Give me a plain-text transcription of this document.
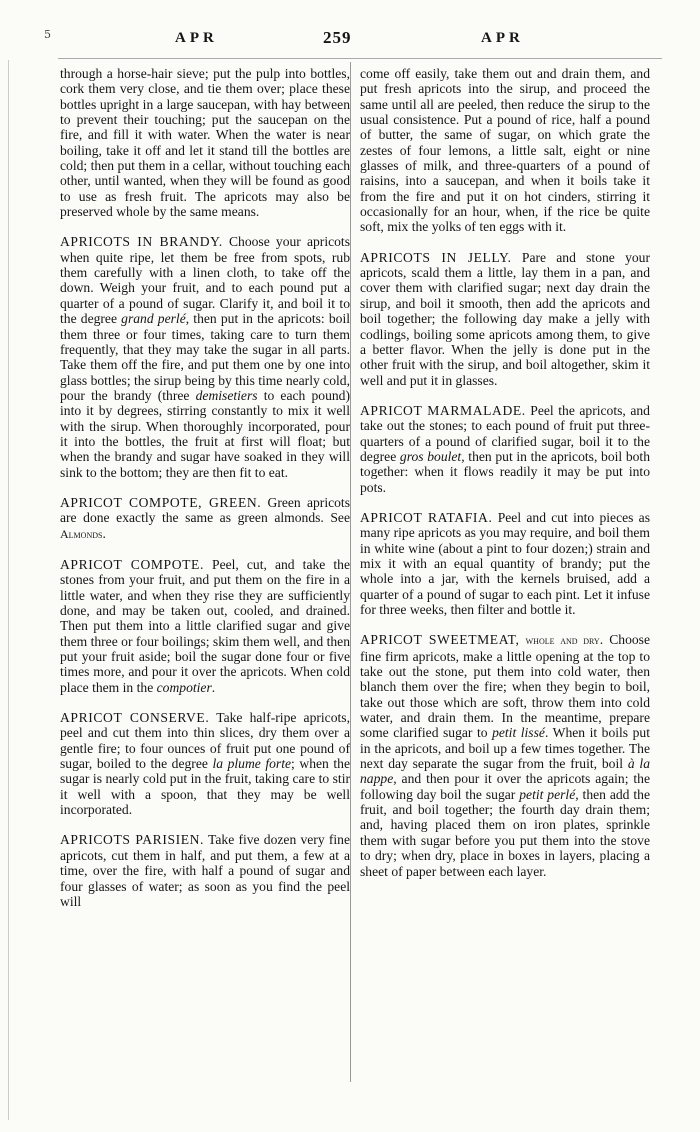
5	APR	259	APR

through a horse-hair sieve; put the pulp into bottles, cork them very close, and tie them over; place these bottles upright in a large saucepan, with hay between to prevent their touching; put the saucepan on the fire, and fill it with water. When the water is near boiling, take it off and let it stand till the bottles are cold; then put them in a cellar, without touching each other, until wanted, when they will be found as good to use as fresh fruit. The apricots may also be preserved whole by the same means.

APRICOTS IN BRANDY. Choose your apricots when quite ripe, let them be free from spots, rub them carefully with a linen cloth, to take off the down. Weigh your fruit, and to each pound put a quarter of a pound of sugar. Clarify it, and boil it to the degree grand perlé, then put in the apricots: boil them three or four times, taking care to turn them frequently, that they may take the sugar in all parts. Take them off the fire, and put them one by one into glass bottles; the sirup being by this time nearly cold, pour the brandy (three demisetiers to each pound) into it by degrees, stirring constantly to mix it well with the sirup. When thoroughly incorporated, pour it into the bottles, the fruit at first will float; but when the brandy and sugar have soaked in they will sink to the bottom; they are then fit to eat.

APRICOT COMPOTE, GREEN. Green apricots are done exactly the same as green almonds. See Almonds.

APRICOT COMPOTE. Peel, cut, and take the stones from your fruit, and put them on the fire in a little water, and when they rise they are sufficiently done, and may be taken out, cooled, and drained. Then put them into a little clarified sugar and give them three or four boilings; skim them well, and then put your fruit aside; boil the sugar done four or five times more, and pour it over the apricots. When cold place them in the compotier.

APRICOT CONSERVE. Take half-ripe apricots, peel and cut them into thin slices, dry them over a gentle fire; to four ounces of fruit put one pound of sugar, boiled to the degree la plume forte; when the sugar is nearly cold put in the fruit, taking care to stir it well with a spoon, that they may be well incorporated.

APRICOTS PARISIEN. Take five dozen very fine apricots, cut them in half, and put them, a few at a time, over the fire, with half a pound of sugar and four glasses of water; as soon as you find the peel will

come off easily, take them out and drain them, and put fresh apricots into the sirup, and proceed the same until all are peeled, then reduce the sirup to the usual consistence. Put a pound of rice, half a pound of butter, the same of sugar, on which grate the zestes of four lemons, a little salt, eight or nine glasses of milk, and three-quarters of a pound of raisins, into a saucepan, and when it boils take it from the fire and put it on hot cinders, stirring it occasionally for an hour, when, if the rice be quite soft, mix the yolks of ten eggs with it.

APRICOTS IN JELLY. Pare and stone your apricots, scald them a little, lay them in a pan, and cover them with clarified sugar; next day drain the sirup, and boil it smooth, then add the apricots and boil together; the following day make a jelly with codlings, boiling some apricots among them, to give a better flavor. When the jelly is done put in the other fruit with the sirup, and boil altogether, skim it well and put it in glasses.

APRICOT MARMALADE. Peel the apricots, and take out the stones; to each pound of fruit put three-quarters of a pound of clarified sugar, boil it to the degree gros boulet, then put in the apricots, boil both together: when it flows readily it may be put into pots.

APRICOT RATAFIA. Peel and cut into pieces as many ripe apricots as you may require, and boil them in white wine (about a pint to four dozen;) strain and mix it with an equal quantity of brandy; put the whole into a jar, with the kernels bruised, add a quarter of a pound of sugar to each pint. Let it infuse for three weeks, then filter and bottle it.

APRICOT SWEETMEAT, whole and dry. Choose fine firm apricots, make a little opening at the top to take out the stone, put them into cold water, then blanch them over the fire; when they begin to boil, take out those which are soft, throw them into cold water, and drain them. In the meantime, prepare some clarified sugar to petit lissé. When it boils put in the apricots, and boil up a few times together. The next day separate the sugar from the fruit, boil à la nappe, and then pour it over the apricots again; the following day boil the sugar petit perlé, then add the fruit, and boil together; the fourth day drain them; and, having placed them on iron plates, sprinkle them with sugar before you put them into the stove to dry; when dry, place in boxes in layers, placing a sheet of paper between each layer.
